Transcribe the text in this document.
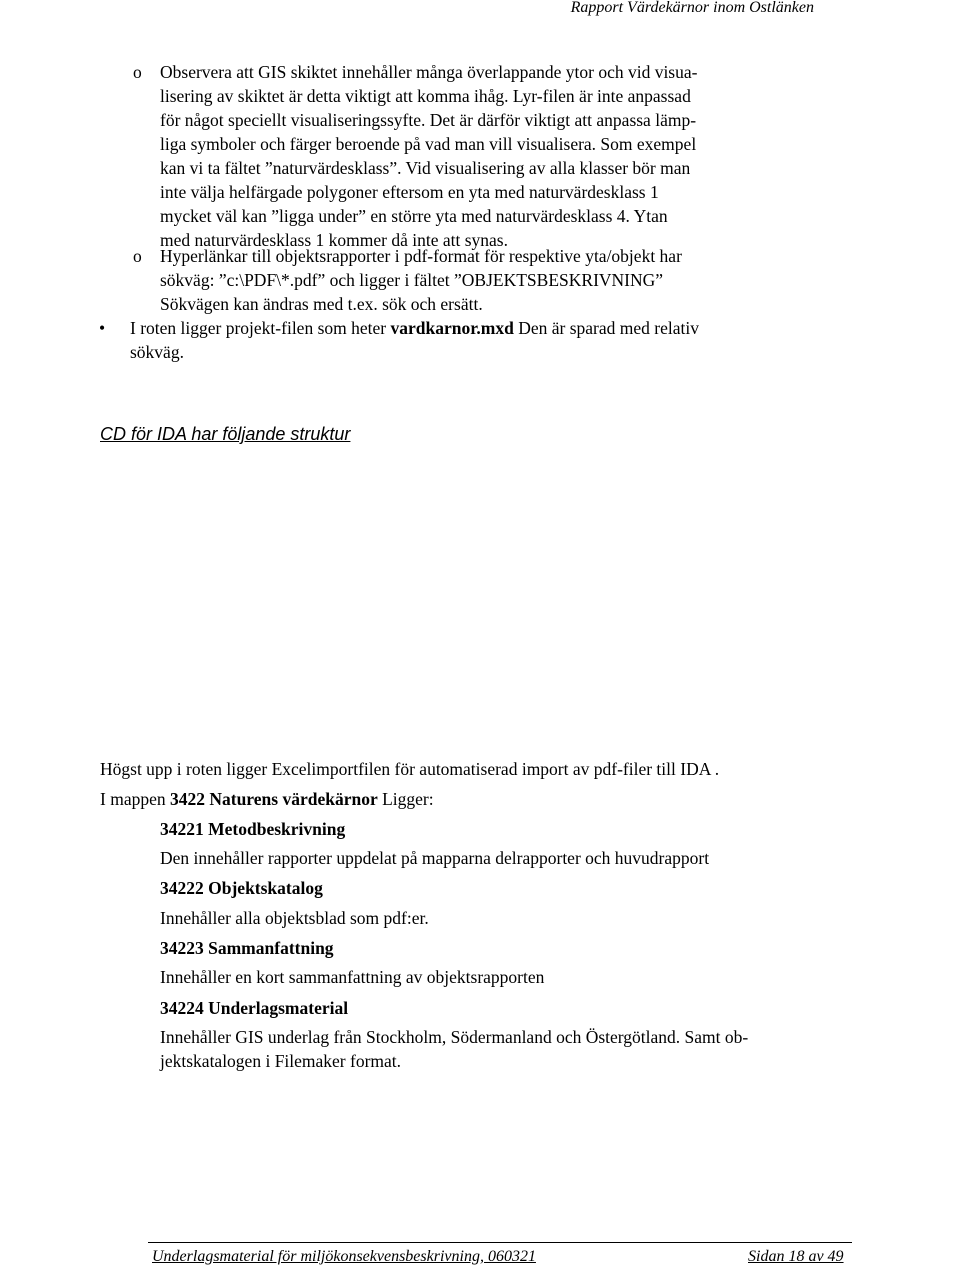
Rapport Värdekärnor inom Ostlänken
o Observera att GIS skiktet innehåller många överlappande ytor och vid visua-
lisering av skiktet är detta viktigt att komma ihåg. Lyr-filen är inte anpassad
för något speciellt visualiseringssyfte. Det är därför viktigt att anpassa lämp-
liga symboler och färger beroende på vad man vill visualisera. Som exempel
kan vi ta fältet ”naturvärdesklass”. Vid visualisering av alla klasser bör man
inte välja helfärgade polygoner eftersom en yta med naturvärdesklass 1
mycket väl kan ”ligga under” en större yta med naturvärdesklass 4. Ytan
med naturvärdesklass 1 kommer då inte att synas.
o Hyperlänkar till objektsrapporter i pdf-format för respektive yta/objekt har
sökväg: ”c:\PDF\*.pdf” och ligger i fältet ”OBJEKTSBESKRIVNING”
Sökvägen kan ändras med t.ex. sök och ersätt.
• I roten ligger projekt-filen som heter vardkarnor.mxd Den är sparad med relativ
sökväg.
CD för IDA har följande struktur
Högst upp i roten ligger Excelimportfilen för automatiserad import av pdf-filer till IDA .
I mappen 3422 Naturens värdekärnor Ligger:
34221 Metodbeskrivning
Den innehåller rapporter uppdelat på mapparna delrapporter och huvudrapport
34222 Objektskatalog
Innehåller alla objektsblad som pdf:er.
34223 Sammanfattning
Innehåller en kort sammanfattning av objektsrapporten
34224 Underlagsmaterial
Innehåller GIS underlag från Stockholm, Södermanland och Östergötland. Samt ob-
jektskatalogen i Filemaker format.
Underlagsmaterial för miljökonsekvensbeskrivning, 060321	Sidan 18 av 49
